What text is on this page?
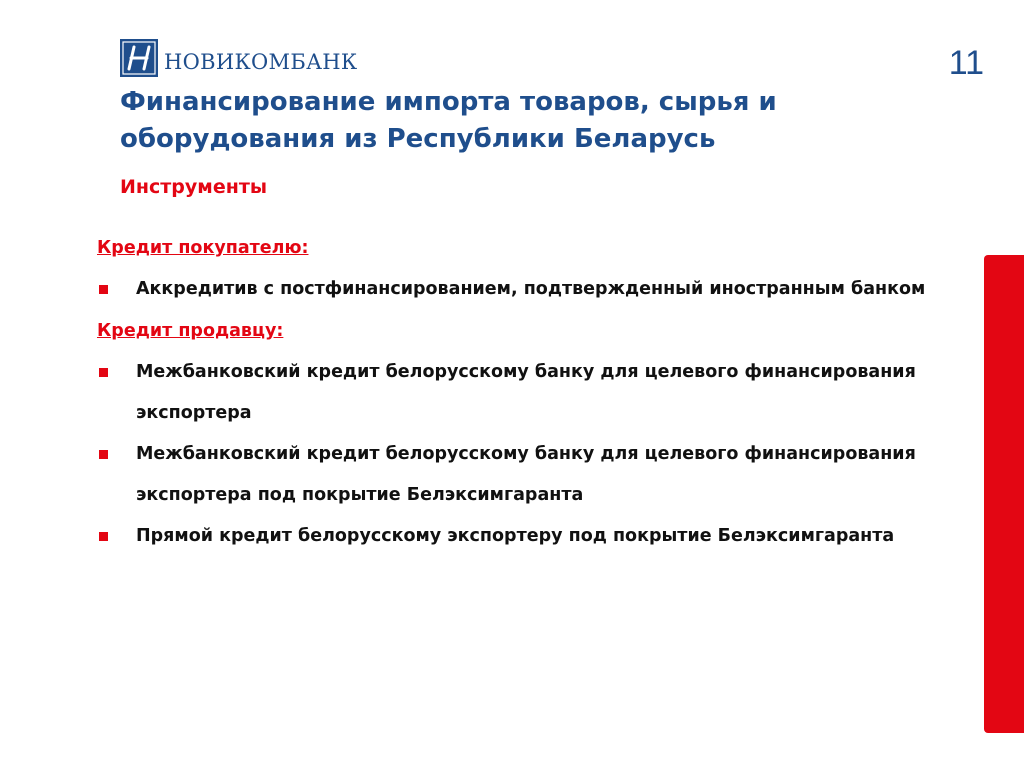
НОВИКОМБАНК	11
Финансирование импорта товаров, сырья и оборудования из Республики Беларусь
Инструменты
Кредит покупателю:
Аккредитив с постфинансированием, подтвержденный иностранным банком
Кредит продавцу:
Межбанковский кредит белорусскому банку для целевого финансирования экспортера
Межбанковский кредит белорусскому банку для целевого финансирования экспортера под покрытие Белэксимгаранта
Прямой кредит белорусскому экспортеру под покрытие Белэксимгаранта
